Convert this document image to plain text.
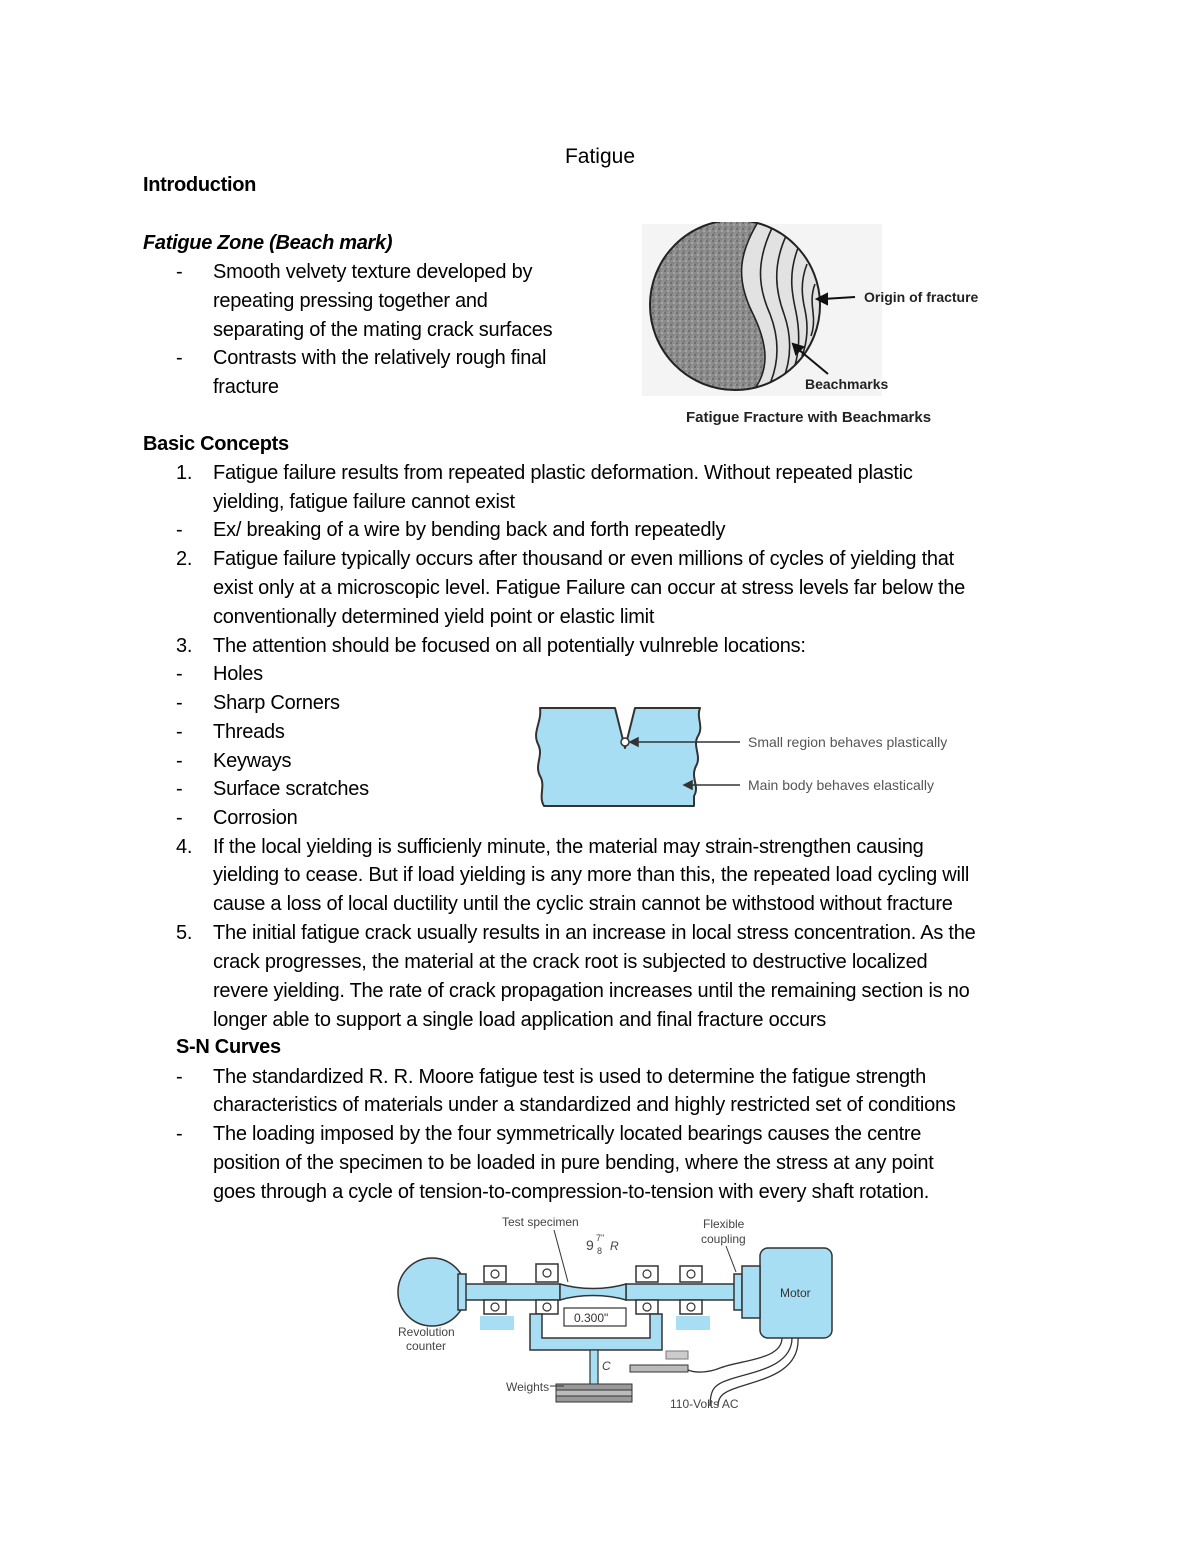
Fatigue
Introduction
Fatigue Zone (Beach mark)
- Smooth velvety texture developed by
repeating pressing together and
separating of the mating crack surfaces
- Contrasts with the relatively rough final
fracture
Origin of fracture
Beachmarks
Fatigue Fracture with Beachmarks
Basic Concepts
1. Fatigue failure results from repeated plastic deformation. Without repeated plastic
yielding, fatigue failure cannot exist
- Ex/ breaking of a wire by bending back and forth repeatedly
2. Fatigue failure typically occurs after thousand or even millions of cycles of yielding that
exist only at a microscopic level. Fatigue Failure can occur at stress levels far below the
conventionally determined yield point or elastic limit
3. The attention should be focused on all potentially vulnreble locations:
- Holes
- Sharp Corners
- Threads
- Keyways
- Surface scratches
- Corrosion
4. If the local yielding is sufficienly minute, the material may strain-strengthen causing
yielding to cease. But if load yielding is any more than this, the repeated load cycling will
cause a loss of local ductility until the cyclic strain cannot be withstood without fracture
5. The initial fatigue crack usually results in an increase in local stress concentration. As the
crack progresses, the material at the crack root is subjected to destructive localized
revere yielding. The rate of crack propagation increases until the remaining section is no
longer able to support a single load application and final fracture occurs
Small region behaves plastically
Main body behaves elastically
S-N Curves
- The standardized R. R. Moore fatigue test is used to determine the fatigue strength
characteristics of materials under a standardized and highly restricted set of conditions
- The loading imposed by the four symmetrically located bearings causes the centre
position of the specimen to be loaded in pure bending, where the stress at any point
goes through a cycle of tension-to-compression-to-tension with every shaft rotation.
0.300"
Test specimen
9 7"
8 R
Flexible
coupling
Motor
Revolution
counter
C
Weights
110-Volts AC
